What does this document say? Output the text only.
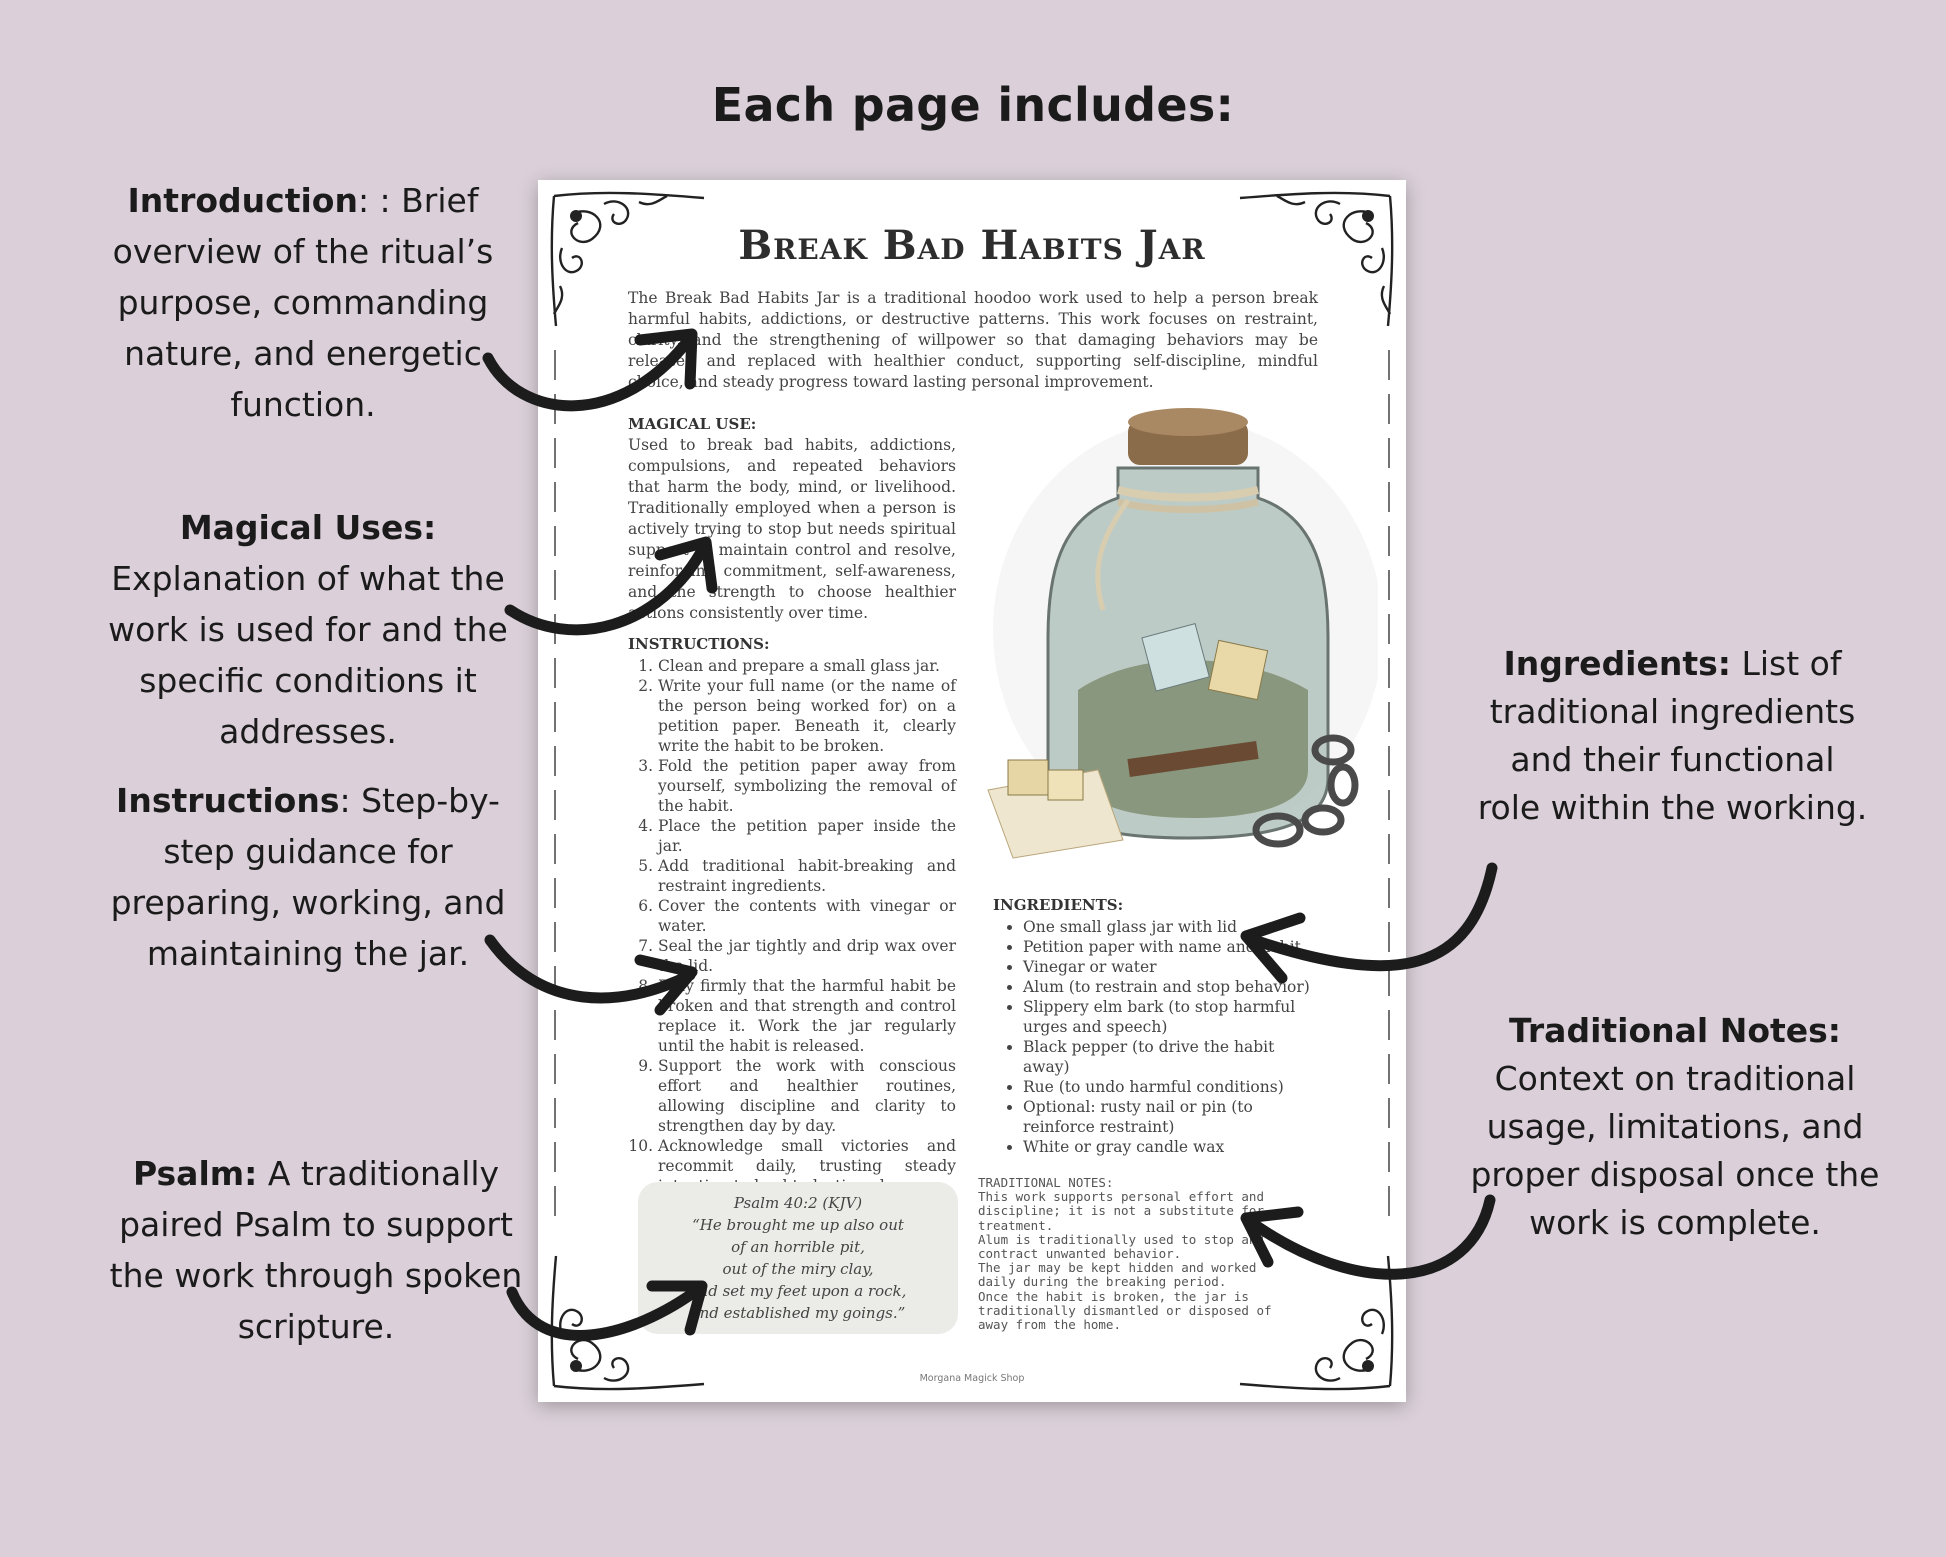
Each page includes:
Introduction: : Brief overview of the ritual’s purpose, commanding nature, and energetic function.
Magical Uses:
Explanation of what the work is used for and the specific conditions it addresses.
Instructions: Step-by-step guidance for preparing, working, and maintaining the jar.
Psalm: A traditionally paired Psalm to support the work through spoken scripture.
Ingredients: List of traditional ingredients and their functional role within the working.
Traditional Notes:
Context on traditional usage, limitations, and proper disposal once the work is complete.
Break Bad Habits Jar
The Break Bad Habits Jar is a traditional hoodoo work used to help a person break harmful habits, addictions, or destructive patterns. This work focuses on restraint, clarity, and the strengthening of willpower so that damaging behaviors may be released and replaced with healthier conduct, supporting self-discipline, mindful choice, and steady progress toward lasting personal improvement.
MAGICAL USE:
Used to break bad habits, addictions, compulsions, and repeated behaviors that harm the body, mind, or livelihood. Traditionally employed when a person is actively trying to stop but needs spiritual support to maintain control and resolve, reinforcing commitment, self-awareness, and the strength to choose healthier actions consistently over time.
INSTRUCTIONS:
1. Clean and prepare a small glass jar.
2. Write your full name (or the name of the person being worked for) on a petition paper. Beneath it, clearly write the habit to be broken.
3. Fold the petition paper away from yourself, symbolizing the removal of the habit.
4. Place the petition paper inside the jar.
5. Add traditional habit-breaking and restraint ingredients.
6. Cover the contents with vinegar or water.
7. Seal the jar tightly and drip wax over the lid.
8. Pray firmly that the harmful habit be broken and that strength and control replace it. Work the jar regularly until the habit is released.
9. Support the work with conscious effort and healthier routines, allowing discipline and clarity to strengthen day by day.
10. Acknowledge small victories and recommit daily, trusting steady
INGREDIENTS:
• One small glass jar with lid
• Petition paper with name and habit
• Vinegar or water
• Alum (to restrain and stop behavior)
• Slippery elm bark (to stop harmful urges and speech)
• Black pepper (to drive the habit away)
• Rue (to undo harmful conditions)
• Optional: rusty nail or pin (to reinforce restraint)
• White or gray candle wax
Psalm 40:2 (KJV)
“He brought me up also out
of an horrible pit,
out of the miry clay,
and set my feet upon a rock,
and established my goings.”
TRADITIONAL NOTES:
This work supports personal effort and
discipline; it is not a substitute for
treatment.
Alum is traditionally used to stop and
contract unwanted behavior.
The jar may be kept hidden and worked
daily during the breaking period.
Once the habit is broken, the jar is
traditionally dismantled or disposed of
away from the home.
Morgana Magick Shop
